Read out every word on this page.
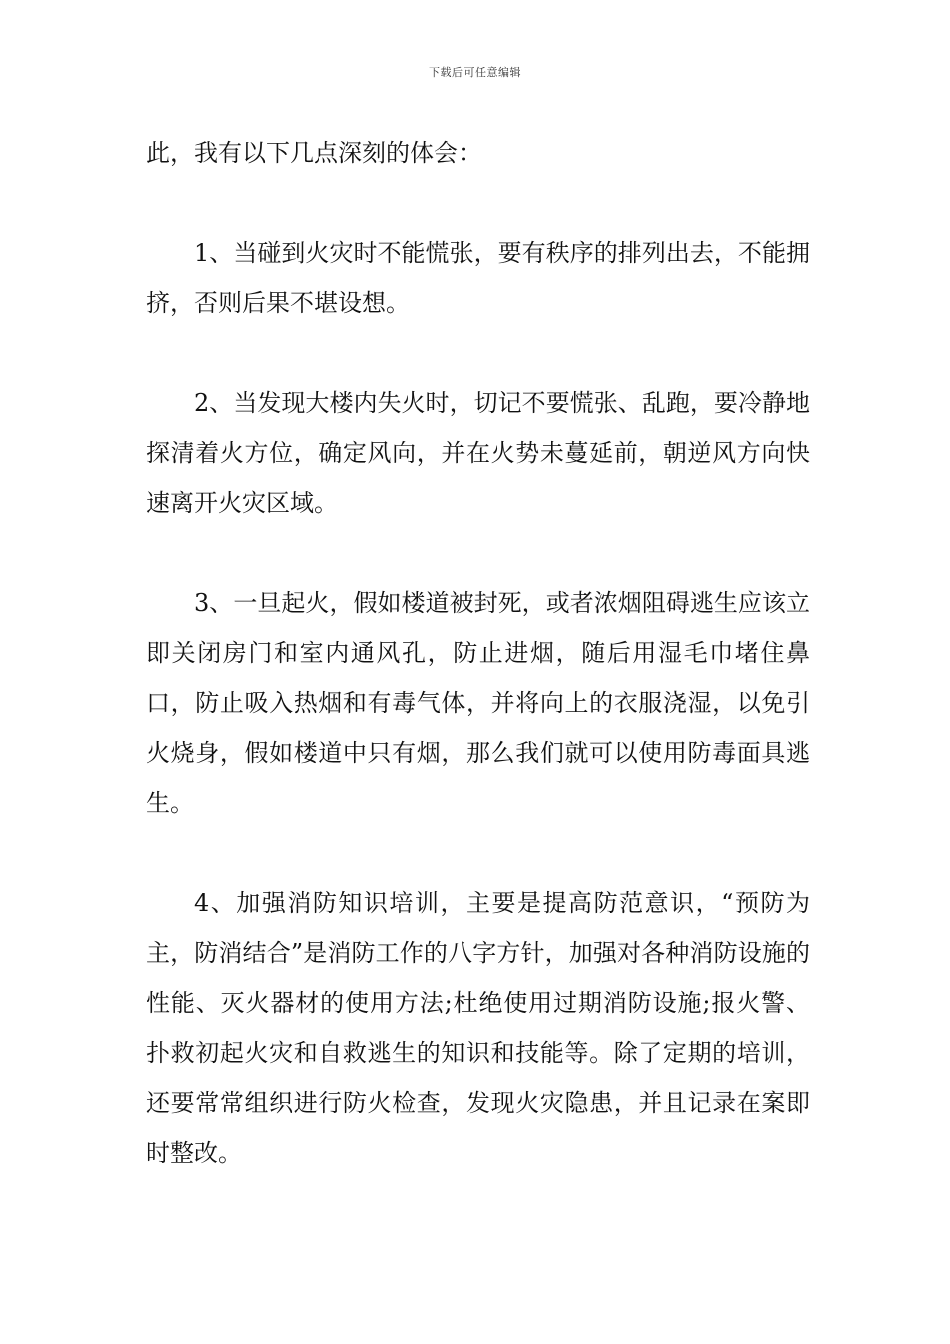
下载后可任意编辑

此，我有以下几点深刻的体会：

1、当碰到火灾时不能慌张，要有秩序的排列出去，不能拥挤，否则后果不堪设想。

2、当发现大楼内失火时，切记不要慌张、乱跑，要冷静地探清着火方位，确定风向，并在火势未蔓延前，朝逆风方向快速离开火灾区域。

3、一旦起火，假如楼道被封死，或者浓烟阻碍逃生应该立即关闭房门和室内通风孔，防止进烟，随后用湿毛巾堵住鼻口，防止吸入热烟和有毒气体，并将向上的衣服浇湿，以免引火烧身，假如楼道中只有烟，那么我们就可以使用防毒面具逃生。

4、加强消防知识培训，主要是提高防范意识，“预防为主，防消结合”是消防工作的八字方针，加强对各种消防设施的性能、灭火器材的使用方法;杜绝使用过期消防设施;报火警、扑救初起火灾和自救逃生的知识和技能等。除了定期的培训，还要常常组织进行防火检查，发现火灾隐患，并且记录在案即时整改。
